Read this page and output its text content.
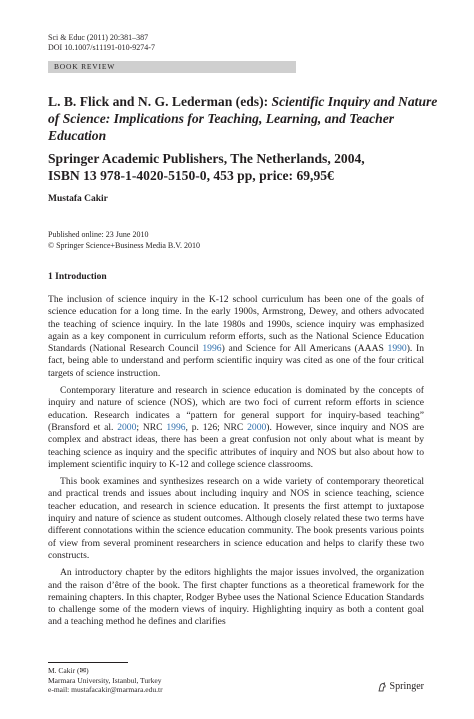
Sci & Educ (2011) 20:381–387
DOI 10.1007/s11191-010-9274-7
BOOK REVIEW
L. B. Flick and N. G. Lederman (eds): Scientific Inquiry and Nature of Science: Implications for Teaching, Learning, and Teacher Education
Springer Academic Publishers, The Netherlands, 2004,
ISBN 13 978-1-4020-5150-0, 453 pp, price: 69,95€
Mustafa Cakir
Published online: 23 June 2010
© Springer Science+Business Media B.V. 2010
1 Introduction

The inclusion of science inquiry in the K-12 school curriculum has been one of the goals of science education for a long time. In the early 1900s, Armstrong, Dewey, and others advocated the teaching of science inquiry. In the late 1980s and 1990s, science inquiry was emphasized again as a key component in curriculum reform efforts, such as the National Science Education Standards (National Research Council 1996) and Science for All Americans (AAAS 1990). In fact, being able to understand and perform scientific inquiry was cited as one of the four critical targets of science instruction.

Contemporary literature and research in science education is dominated by the concepts of inquiry and nature of science (NOS), which are two foci of current reform efforts in science education. Research indicates a “pattern for general support for inquiry-based teaching” (Bransford et al. 2000; NRC 1996, p. 126; NRC 2000). However, since inquiry and NOS are complex and abstract ideas, there has been a great confusion not only about what is meant by teaching science as inquiry and the specific attributes of inquiry and NOS but also about how to implement scientific inquiry to K-12 and college science classrooms.

This book examines and synthesizes research on a wide variety of contemporary theoretical and practical trends and issues about including inquiry and NOS in science teaching, science teacher education, and research in science education. It presents the first attempt to juxtapose inquiry and nature of science as student outcomes. Although closely related these two terms have different connotations within the science education community. The book presents various points of view from several prominent researchers in science education and helps to clarify these two constructs.

An introductory chapter by the editors highlights the major issues involved, the organization and the raison d’être of the book. The first chapter functions as a theoretical framework for the remaining chapters. In this chapter, Rodger Bybee uses the National Science Education Standards to challenge some of the modern views of inquiry. Highlighting inquiry as both a content goal and a teaching method he defines and clarifies

M. Cakir (✉)
Marmara University, Istanbul, Turkey
e-mail: mustafacakir@marmara.edu.tr	Springer
